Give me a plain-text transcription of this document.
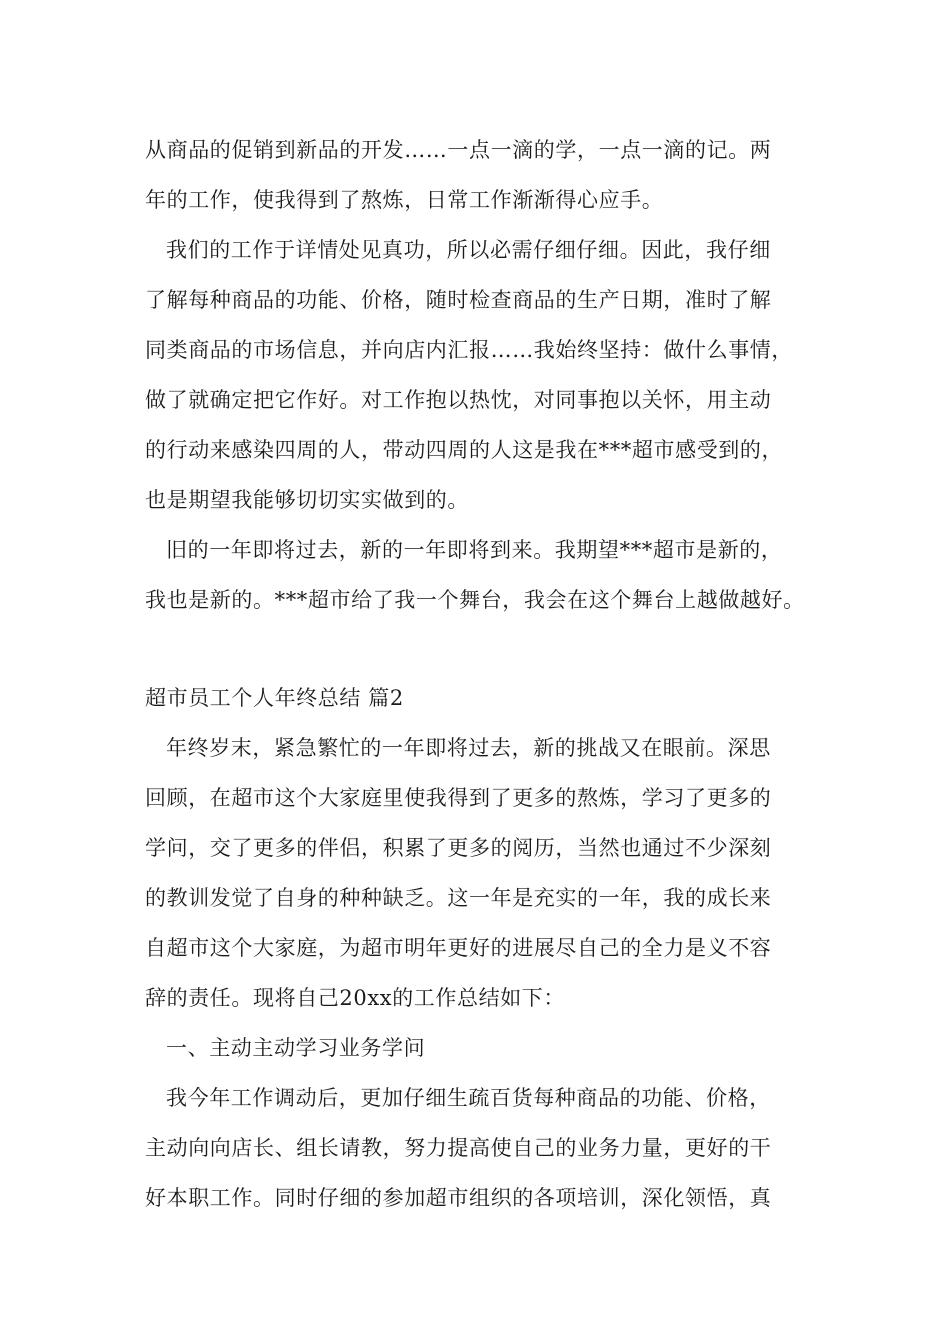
从商品的促销到新品的开发……一点一滴的学，一点一滴的记。两
年的工作，使我得到了熬炼，日常工作渐渐得心应手。
我们的工作于详情处见真功，所以必需仔细仔细。因此，我仔细
了解每种商品的功能、价格，随时检查商品的生产日期，准时了解
同类商品的市场信息，并向店内汇报……我始终坚持：做什么事情，
做了就确定把它作好。对工作抱以热忱，对同事抱以关怀，用主动
的行动来感染四周的人，带动四周的人这是我在***超市感受到的，
也是期望我能够切切实实做到的。
旧的一年即将过去，新的一年即将到来。我期望***超市是新的，
我也是新的。***超市给了我一个舞台，我会在这个舞台上越做越好。
超市员工个人年终总结 篇2
年终岁末，紧急繁忙的一年即将过去，新的挑战又在眼前。深思
回顾，在超市这个大家庭里使我得到了更多的熬炼，学习了更多的
学问，交了更多的伴侣，积累了更多的阅历，当然也通过不少深刻
的教训发觉了自身的种种缺乏。这一年是充实的一年，我的成长来
自超市这个大家庭，为超市明年更好的进展尽自己的全力是义不容
辞的责任。现将自己20xx的工作总结如下：
一、主动主动学习业务学问
我今年工作调动后，更加仔细生疏百货每种商品的功能、价格，
主动向向店长、组长请教，努力提高使自己的业务力量，更好的干
好本职工作。同时仔细的参加超市组织的各项培训，深化领悟，真
